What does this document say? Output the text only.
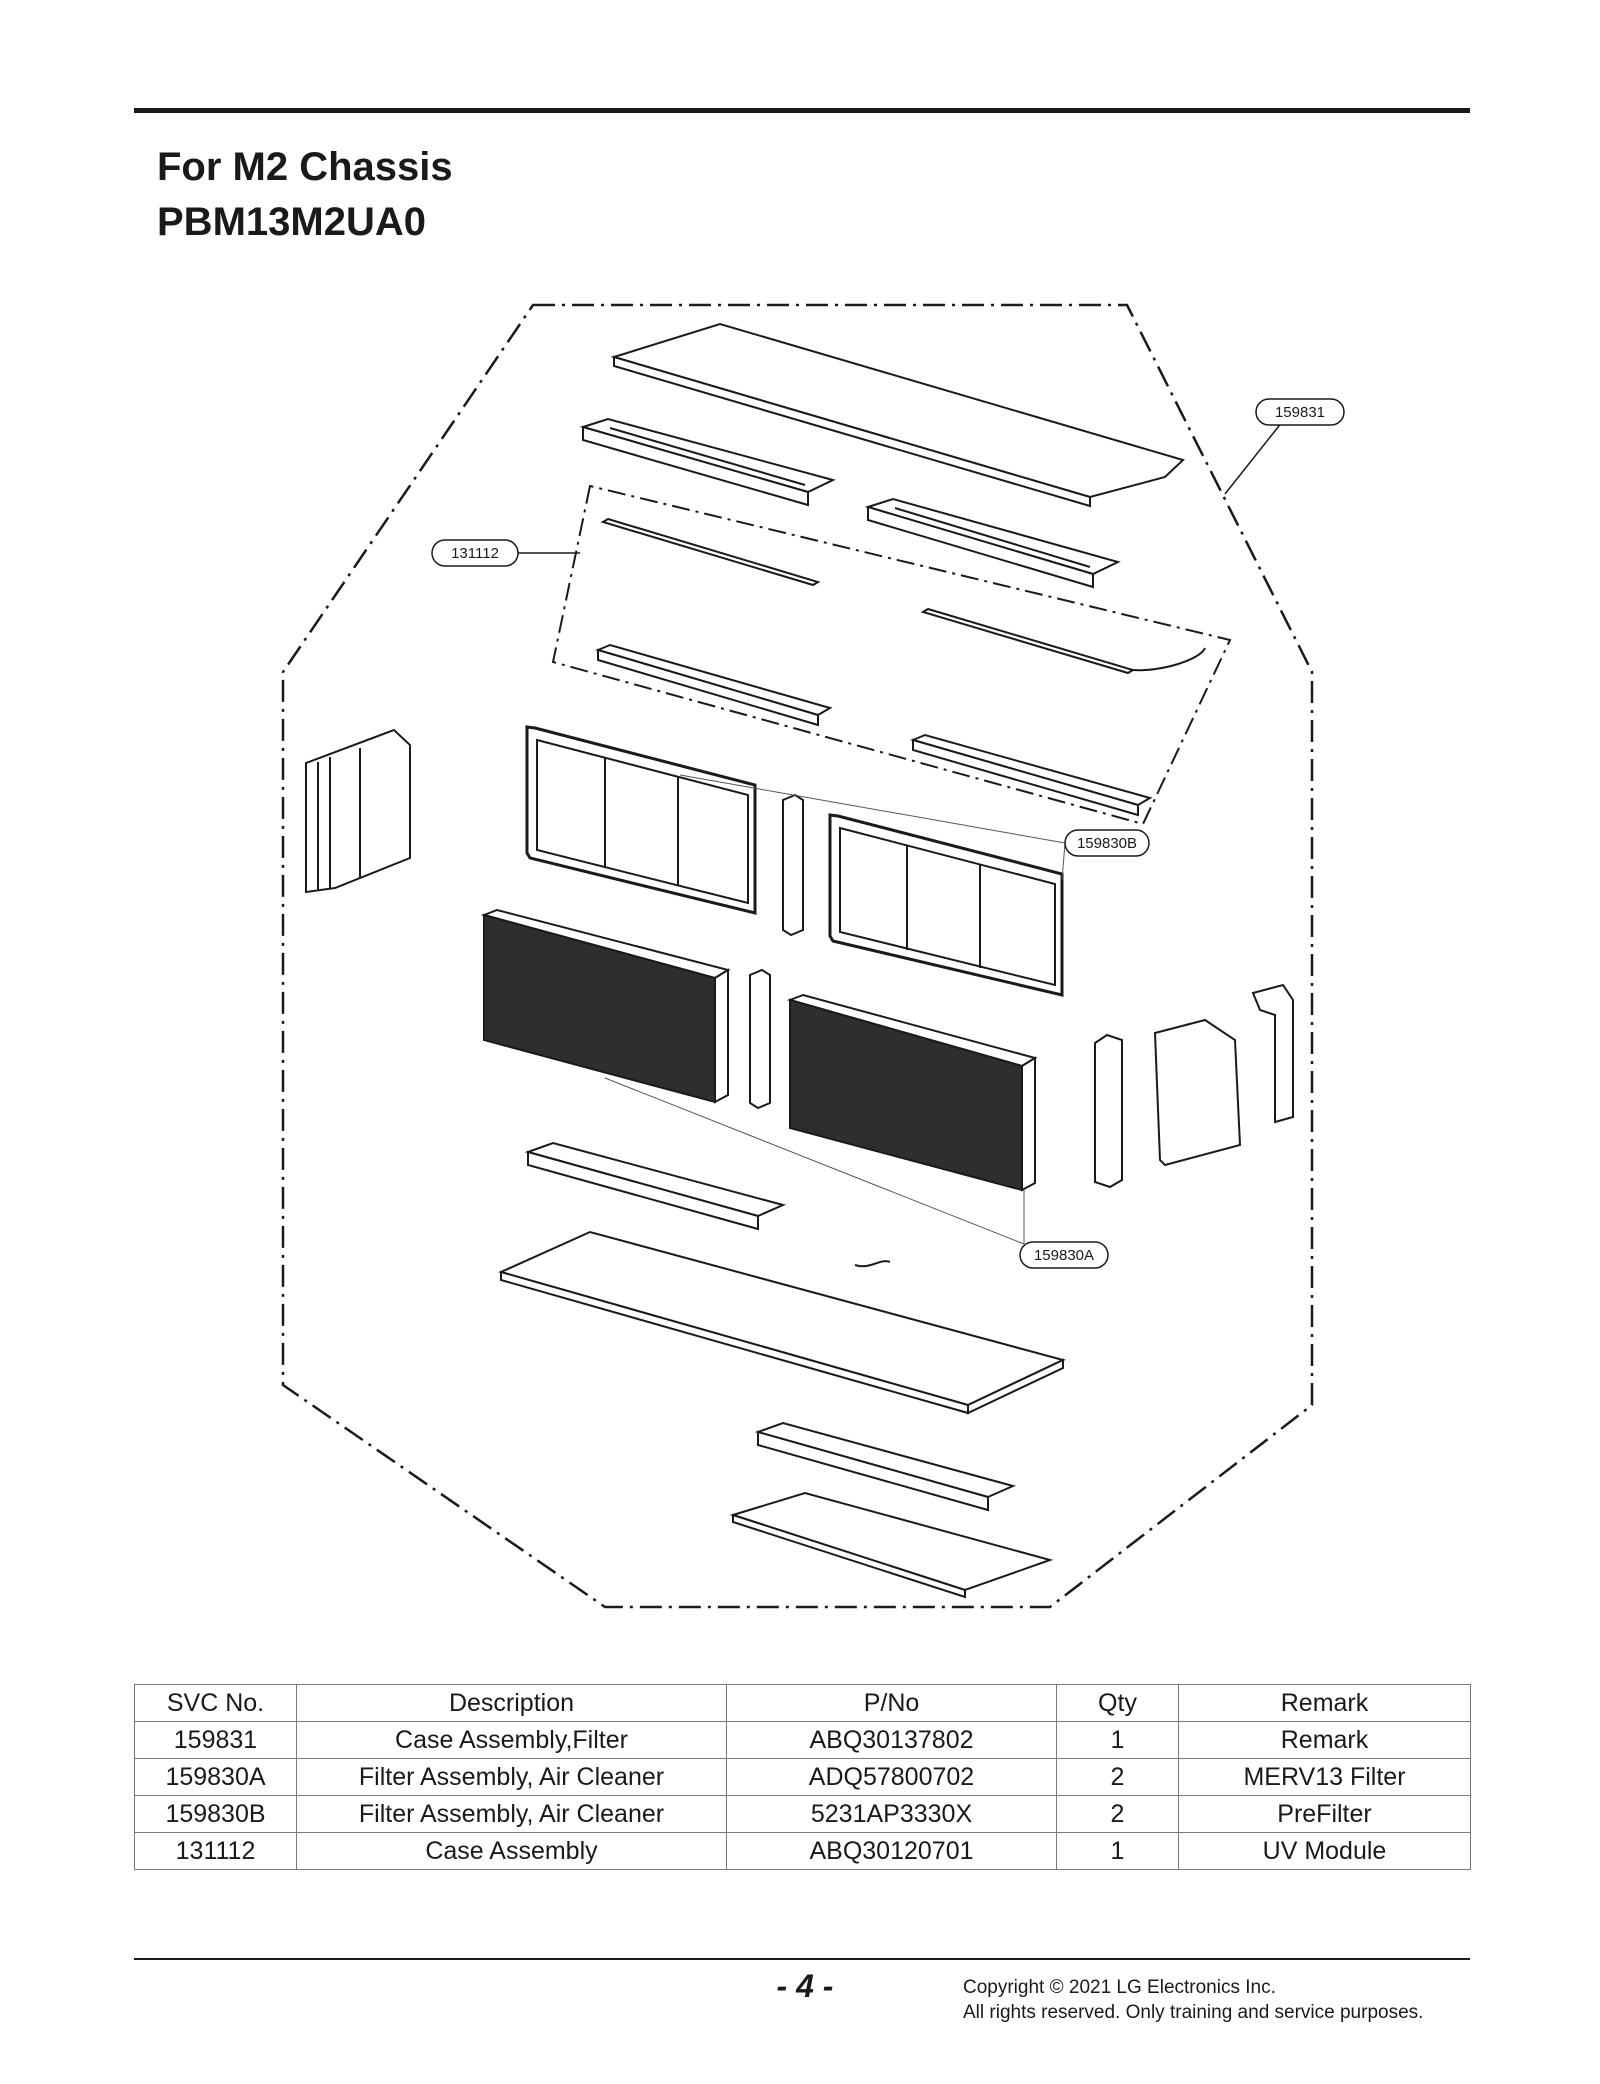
For M2 Chassis
PBM13M2UA0
159831
131112
159830B
159830A
SVC No.	Description	P/No	Qty	Remark
159831	Case Assembly,Filter	ABQ30137802	1	Remark
159830A	Filter Assembly, Air Cleaner	ADQ57800702	2	MERV13 Filter
159830B	Filter Assembly, Air Cleaner	5231AP3330X	2	PreFilter
131112	Case Assembly	ABQ30120701	1	UV Module
- 4 -	Copyright © 2021 LG Electronics Inc.
All rights reserved. Only training and service purposes.
